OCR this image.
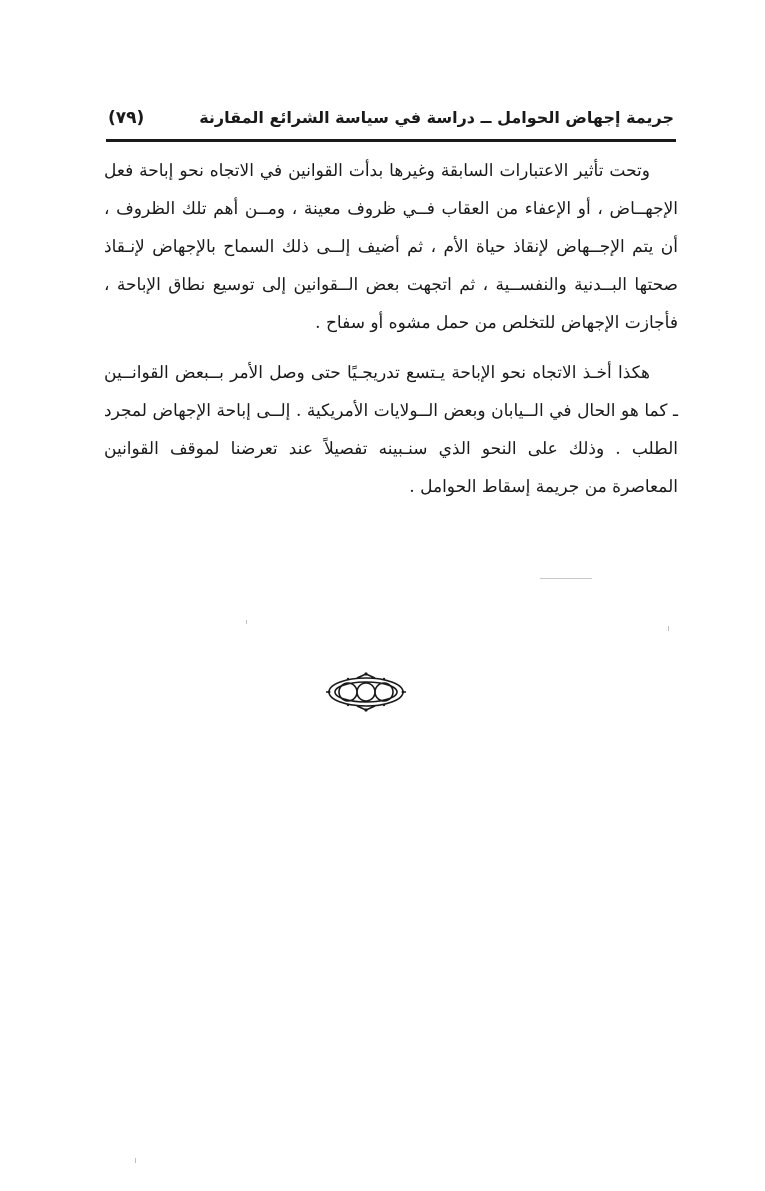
جريمة إجهاض الحوامل ــ دراسة في سياسة الشرائع المقارنة
(٧٩)

وتحت تأثير الاعتبارات السابقة وغيرها بدأت القوانين في الاتجاه نحو إباحة فعل الإجهــاض ، أو الإعفاء من العقاب فــي ظروف معينة ، ومــن أهم تلك الظروف ، أن يتم الإجــهاض لإنقاذ حياة الأم ، ثم أضيف إلــى ذلك السماح بالإجهاض لإنـقاذ صحتها البــدنية والنفســية ، ثم اتجهت بعض الــقوانين إلى توسيع نطاق الإباحة ، فأجازت الإجهاض للتخلص من حمل مشوه أو سفاح .

هكذا أخـذ الاتجاه نحو الإباحة يـتسع تدريجـيًا حتى وصل الأمر بــبعض القوانــين ـ كما هو الحال في الــيابان وبعض الــولايات الأمريكية . إلــى إباحة الإجهاض لمجرد الطلب . وذلك على النحو الذي سنـبينه تفصيلاً عند تعرضنا لموقف القوانين المعاصرة من جريمة إسقاط الحوامل .
